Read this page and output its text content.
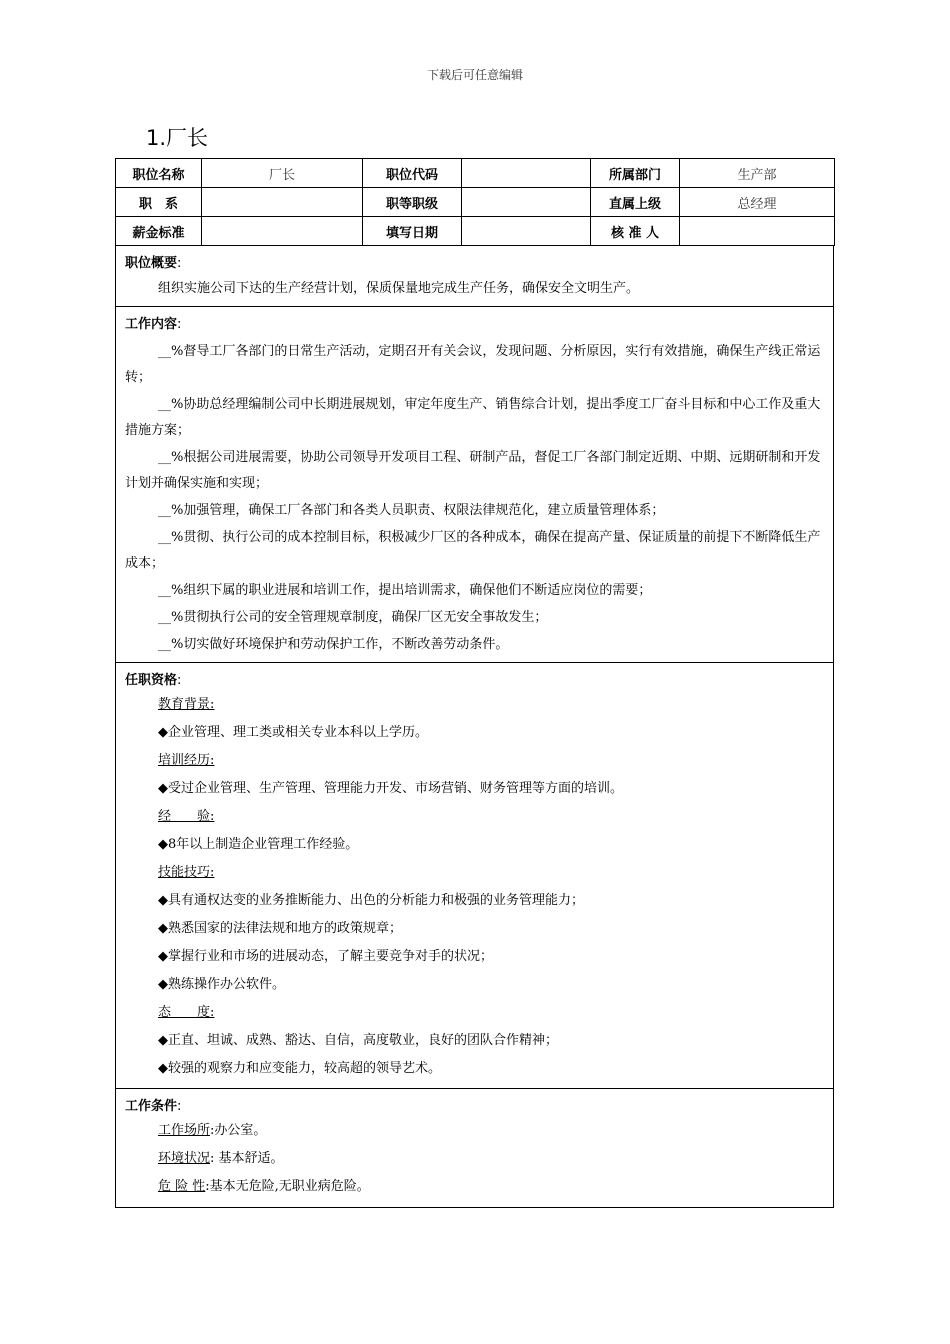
下载后可任意编辑
1.厂长
职位名称	厂长	职位代码		所属部门	生产部
职　系		职等职级		直属上级	总经理
薪金标准		填写日期		核 准 人	
职位概要:
组织实施公司下达的生产经营计划，保质保量地完成生产任务，确保安全文明生产。
工作内容:
__%督导工厂各部门的日常生产活动，定期召开有关会议，发现问题、分析原因，实行有效措施，确保生产线正常运转；
__%协助总经理编制公司中长期进展规划，审定年度生产、销售综合计划，提出季度工厂奋斗目标和中心工作及重大措施方案；
__%根据公司进展需要，协助公司领导开发项目工程、研制产品，督促工厂各部门制定近期、中期、远期研制和开发计划并确保实施和实现；
__%加强管理，确保工厂各部门和各类人员职责、权限法律规范化，建立质量管理体系；
__%贯彻、执行公司的成本控制目标，积极减少厂区的各种成本，确保在提高产量、保证质量的前提下不断降低生产成本；
__%组织下属的职业进展和培训工作，提出培训需求，确保他们不断适应岗位的需要；
__%贯彻执行公司的安全管理规章制度，确保厂区无安全事故发生；
__%切实做好环境保护和劳动保护工作，不断改善劳动条件。
任职资格:
教育背景:
◆企业管理、理工类或相关专业本科以上学历。
培训经历:
◆受过企业管理、生产管理、管理能力开发、市场营销、财务管理等方面的培训。
经　　验:
◆8年以上制造企业管理工作经验。
技能技巧:
◆具有通权达变的业务推断能力、出色的分析能力和极强的业务管理能力；
◆熟悉国家的法律法规和地方的政策规章；
◆掌握行业和市场的进展动态，了解主要竞争对手的状况；
◆熟练操作办公软件。
态　　度:
◆正直、坦诚、成熟、豁达、自信，高度敬业，良好的团队合作精神；
◆较强的观察力和应变能力，较高超的领导艺术。
工作条件:
工作场所:办公室。
环境状况: 基本舒适。
危 险 性:基本无危险,无职业病危险。
